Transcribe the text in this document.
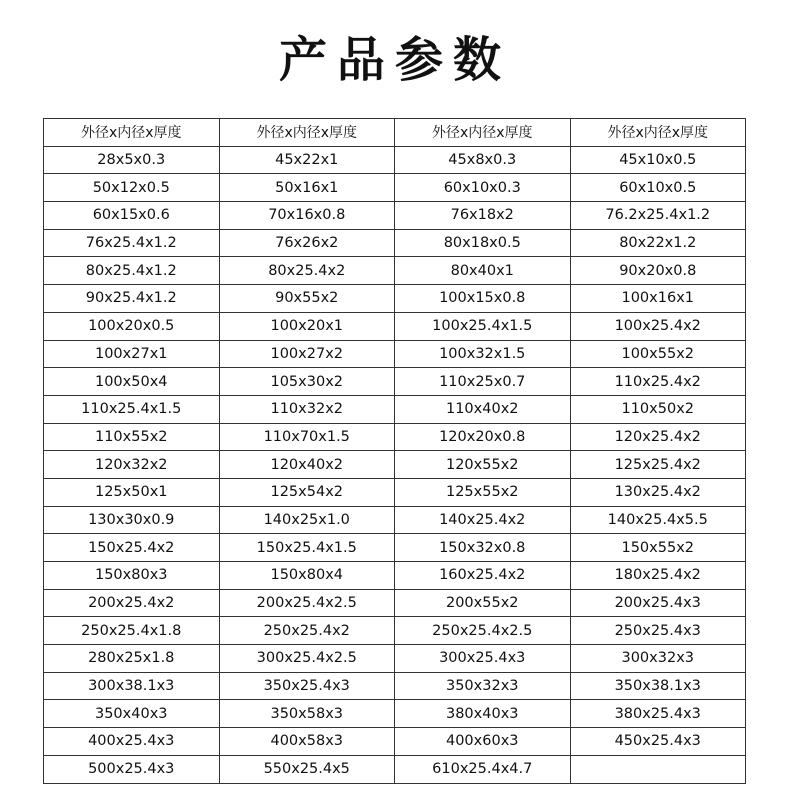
产品参数
外径x内径x厚度	外径x内径x厚度	外径x内径x厚度	外径x内径x厚度
28x5x0.3	45x22x1	45x8x0.3	45x10x0.5
50x12x0.5	50x16x1	60x10x0.3	60x10x0.5
60x15x0.6	70x16x0.8	76x18x2	76.2x25.4x1.2
76x25.4x1.2	76x26x2	80x18x0.5	80x22x1.2
80x25.4x1.2	80x25.4x2	80x40x1	90x20x0.8
90x25.4x1.2	90x55x2	100x15x0.8	100x16x1
100x20x0.5	100x20x1	100x25.4x1.5	100x25.4x2
100x27x1	100x27x2	100x32x1.5	100x55x2
100x50x4	105x30x2	110x25x0.7	110x25.4x2
110x25.4x1.5	110x32x2	110x40x2	110x50x2
110x55x2	110x70x1.5	120x20x0.8	120x25.4x2
120x32x2	120x40x2	120x55x2	125x25.4x2
125x50x1	125x54x2	125x55x2	130x25.4x2
130x30x0.9	140x25x1.0	140x25.4x2	140x25.4x5.5
150x25.4x2	150x25.4x1.5	150x32x0.8	150x55x2
150x80x3	150x80x4	160x25.4x2	180x25.4x2
200x25.4x2	200x25.4x2.5	200x55x2	200x25.4x3
250x25.4x1.8	250x25.4x2	250x25.4x2.5	250x25.4x3
280x25x1.8	300x25.4x2.5	300x25.4x3	300x32x3
300x38.1x3	350x25.4x3	350x32x3	350x38.1x3
350x40x3	350x58x3	380x40x3	380x25.4x3
400x25.4x3	400x58x3	400x60x3	450x25.4x3
500x25.4x3	550x25.4x5	610x25.4x4.7	
